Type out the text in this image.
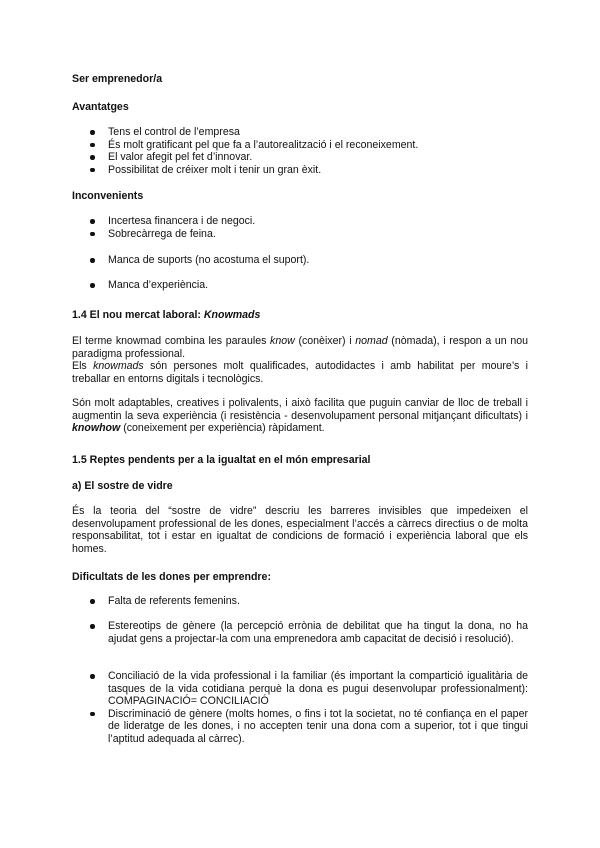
Ser emprenedor/a

Avantatges

Tens el control de l’empresa
És molt gratificant pel que fa a l’autorealització i el reconeixement.
El valor afegit pel fet d’innovar.
Possibilitat de créixer molt i tenir un gran èxit.

Inconvenients

Incertesa financera i de negoci.
Sobrecàrrega de feina.
Manca de suports (no acostuma el suport).
Manca d’experiència.

1.4 El nou mercat laboral: Knowmads

El terme knowmad combina les paraules know (conèixer) i nomad (nòmada), i respon a un nou paradigma professional.

Els knowmads són persones molt qualificades, autodidactes i amb habilitat per moure’s i treballar en entorns digitals i tecnològics.

Són molt adaptables, creatives i polivalents, i això facilita que puguin canviar de lloc de treball i augmentin la seva experiència (i resistència - desenvolupament personal mitjançant dificultats) i knowhow (coneixement per experiència) ràpidament.

1.5 Reptes pendents per a la igualtat en el món empresarial

a) El sostre de vidre

És la teoria del “sostre de vidre” descriu les barreres invisibles que impedeixen el desenvolupament professional de les dones, especialment l’accés a càrrecs directius o de molta responsabilitat, tot i estar en igualtat de condicions de formació i experiència laboral que els homes.

Dificultats de les dones per emprendre:

Falta de referents femenins.
Estereotips de gènere (la percepció errònia de debilitat que ha tingut la dona, no ha ajudat gens a projectar-la com una emprenedora amb capacitat de decisió i resolució).
Conciliació de la vida professional i la familiar (és important la compartició igualitària de tasques de la vida cotidiana perquè la dona es pugui desenvolupar professionalment): COMPAGINACIÓ= CONCILIACIÓ
Discriminació de gènere (molts homes, o fins i tot la societat, no té confiança en el paper de lideratge de les dones, i no accepten tenir una dona com a superior, tot i que tingui l’aptitud adequada al càrrec).
